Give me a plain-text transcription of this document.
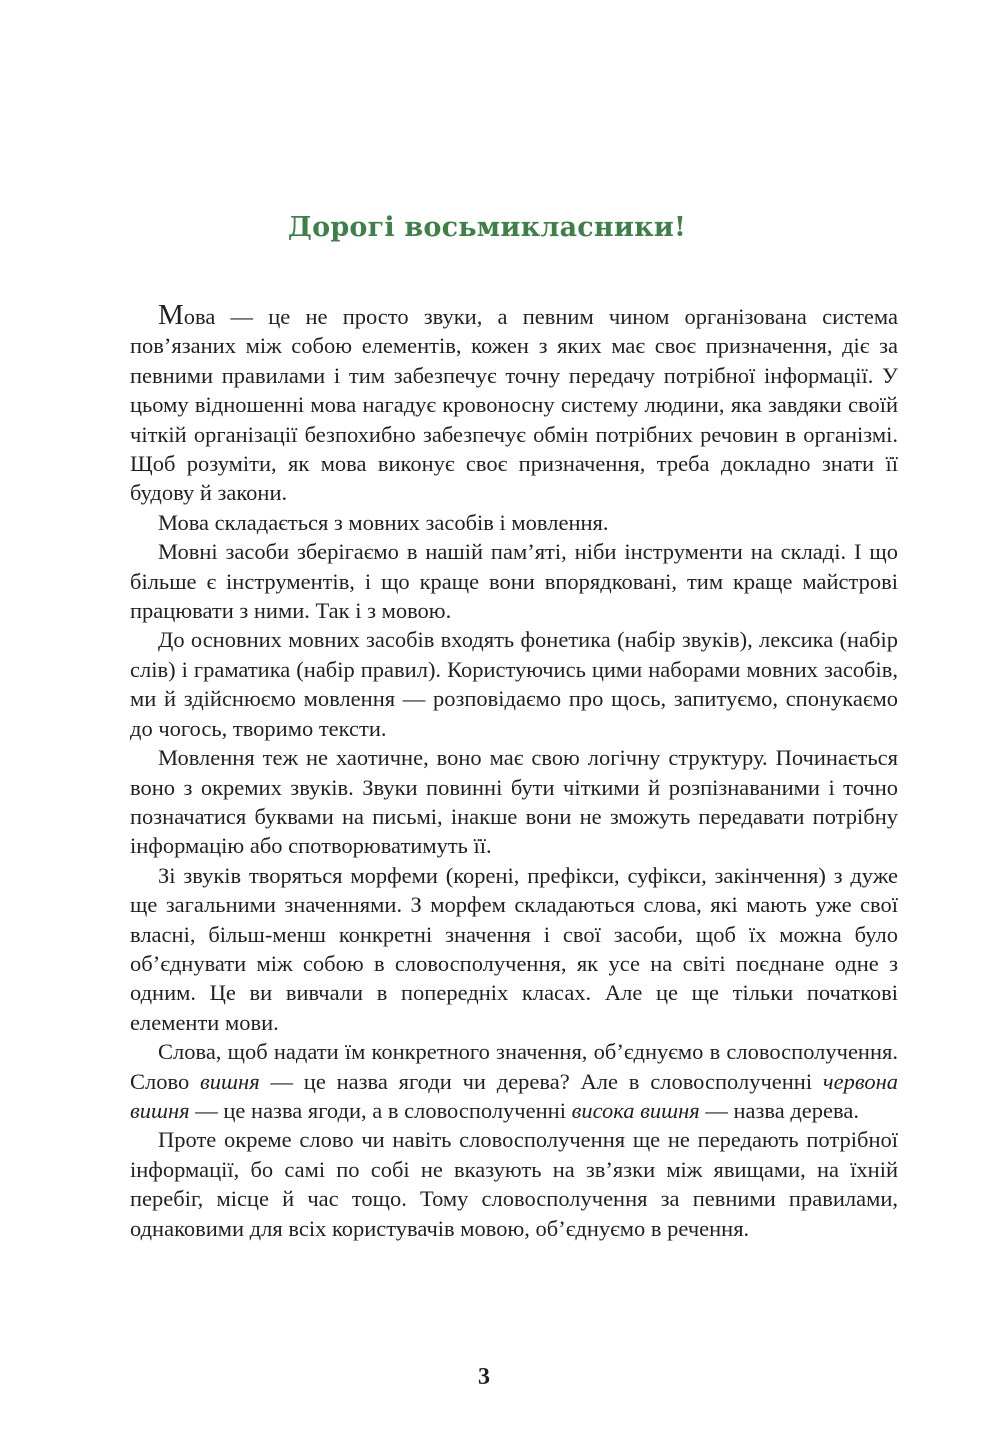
Дорогі восьмикласники!

Мова — це не просто звуки, а певним чином організована система пов’язаних між собою елементів, кожен з яких має своє призначення, діє за певними правилами і тим забезпечує точну передачу потрібної інформації. У цьому відношенні мова нагадує кровоносну систему людини, яка завдяки своїй чіткій організації безпохибно забезпечує обмін потрібних речовин в організмі. Щоб розуміти, як мова виконує своє призначення, треба докладно знати її будову й закони.

Мова складається з мовних засобів і мовлення.

Мовні засоби зберігаємо в нашій пам’яті, ніби інструменти на складі. І що більше є інструментів, і що краще вони впорядковані, тим краще майстрові працювати з ними. Так і з мовою.

До основних мовних засобів входять фонетика (набір звуків), лексика (набір слів) і граматика (набір правил). Користуючись цими наборами мовних засобів, ми й здійснюємо мовлення — розповідаємо про щось, запитуємо, спонукаємо до чогось, творимо тексти.

Мовлення теж не хаотичне, воно має свою логічну структуру. Починається воно з окремих звуків. Звуки повинні бути чіткими й розпізнаваними і точно позначатися буквами на письмі, інакше вони не зможуть передавати потрібну інформацію або спотворюватимуть її.

Зі звуків творяться морфеми (корені, префікси, суфікси, закінчення) з дуже ще загальними значеннями. З морфем складаються слова, які мають уже свої власні, більш-менш конкретні значення і свої засоби, щоб їх можна було об’єднувати між собою в словосполучення, як усе на світі поєднане одне з одним. Це ви вивчали в попередніх класах. Але це ще тільки початкові елементи мови.

Слова, щоб надати їм конкретного значення, об’єднуємо в словосполучення. Слово вишня — це назва ягоди чи дерева? Але в словосполученні червона вишня — це назва ягоди, а в словосполученні висока вишня — назва дерева.

Проте окреме слово чи навіть словосполучення ще не передають потрібної інформації, бо самі по собі не вказують на зв’язки між явищами, на їхній перебіг, місце й час тощо. Тому словосполучення за певними правилами, однаковими для всіх користувачів мовою, об’єднуємо в речення.

3
